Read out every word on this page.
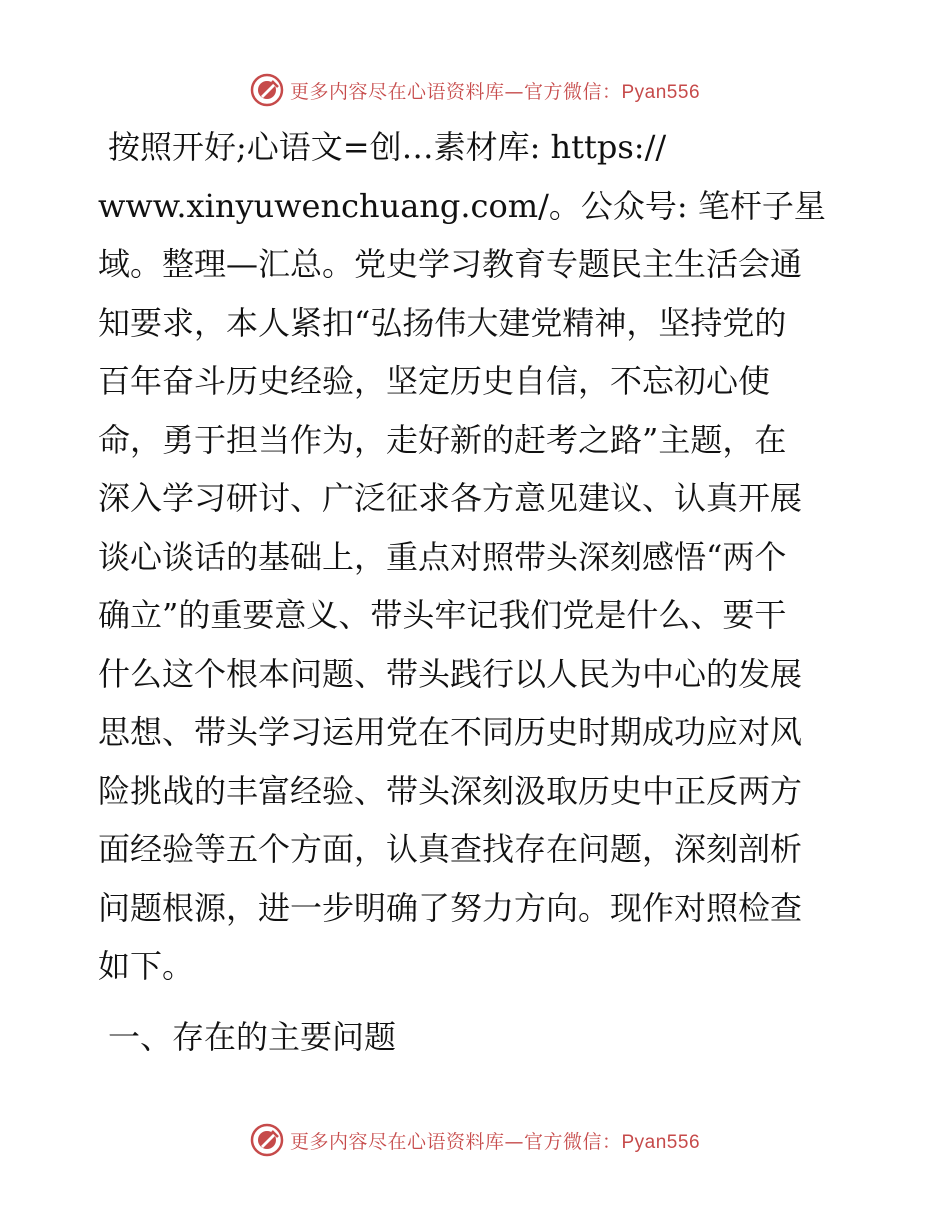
更多内容尽在心语资料库—官方微信：Pyan556
按照开好;心语文=创…素材库: https://
www.xinyuwenchuang.com/。公众号: 笔杆子星
域。整理—汇总。党史学习教育专题民主生活会通
知要求，本人紧扣“弘扬伟大建党精神，坚持党的
百年奋斗历史经验，坚定历史自信，不忘初心使
命，勇于担当作为，走好新的赶考之路”主题，在
深入学习研讨、广泛征求各方意见建议、认真开展
谈心谈话的基础上，重点对照带头深刻感悟“两个
确立”的重要意义、带头牢记我们党是什么、要干
什么这个根本问题、带头践行以人民为中心的发展
思想、带头学习运用党在不同历史时期成功应对风
险挑战的丰富经验、带头深刻汲取历史中正反两方
面经验等五个方面，认真查找存在问题，深刻剖析
问题根源，进一步明确了努力方向。现作对照检查
如下。
一、存在的主要问题
更多内容尽在心语资料库—官方微信：Pyan556
